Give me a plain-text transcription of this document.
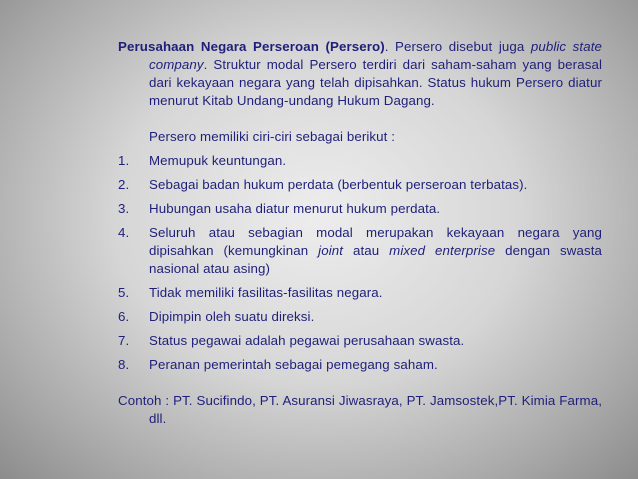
Perusahaan Negara Perseroan (Persero). Persero disebut juga public state company. Struktur modal Persero terdiri dari saham-saham yang berasal dari kekayaan negara yang telah dipisahkan. Status hukum Persero diatur menurut Kitab Undang-undang Hukum Dagang.

Persero memiliki ciri-ciri sebagai berikut :

1. Memupuk keuntungan.
2. Sebagai badan hukum perdata (berbentuk perseroan terbatas).
3. Hubungan usaha diatur menurut hukum perdata.
4. Seluruh atau sebagian modal merupakan kekayaan negara yang dipisahkan (kemungkinan joint atau mixed enterprise dengan swasta nasional atau asing)
5. Tidak memiliki fasilitas-fasilitas negara.
6. Dipimpin oleh suatu direksi.
7. Status pegawai adalah pegawai perusahaan swasta.
8. Peranan pemerintah sebagai pemegang saham.

Contoh : PT. Sucifindo, PT. Asuransi Jiwasraya, PT. Jamsostek,PT. Kimia Farma, dll.
